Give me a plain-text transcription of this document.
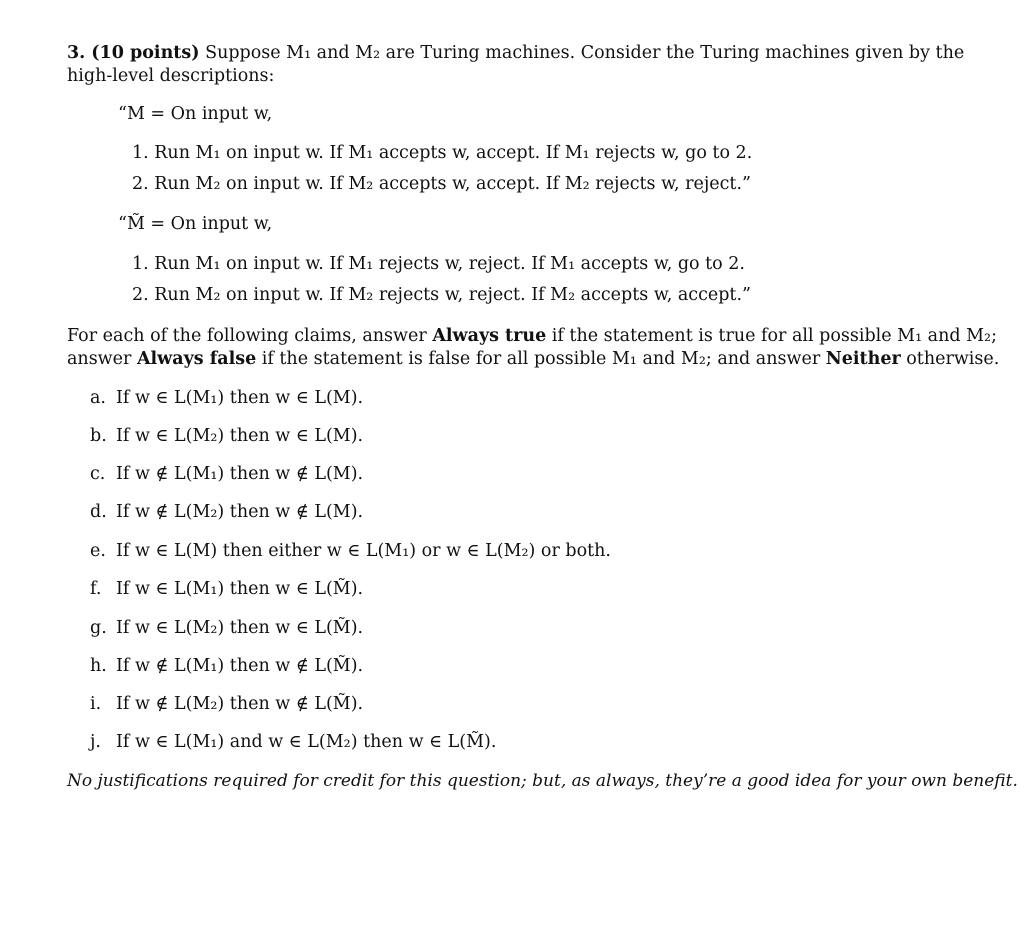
3. (10 points) Suppose M₁ and M₂ are Turing machines. Consider the Turing machines given by the
high-level descriptions:
“M = On input w,
1. Run M₁ on input w. If M₁ accepts w, accept. If M₁ rejects w, go to 2.
2. Run M₂ on input w. If M₂ accepts w, accept. If M₂ rejects w, reject.”
“M̃ = On input w,
1. Run M₁ on input w. If M₁ rejects w, reject. If M₁ accepts w, go to 2.
2. Run M₂ on input w. If M₂ rejects w, reject. If M₂ accepts w, accept.”
For each of the following claims, answer Always true if the statement is true for all possible M₁ and M₂;
answer Always false if the statement is false for all possible M₁ and M₂; and answer Neither otherwise.
a. If w ∈ L(M₁) then w ∈ L(M).
b. If w ∈ L(M₂) then w ∈ L(M).
c. If w ∉ L(M₁) then w ∉ L(M).
d. If w ∉ L(M₂) then w ∉ L(M).
e. If w ∈ L(M) then either w ∈ L(M₁) or w ∈ L(M₂) or both.
f. If w ∈ L(M₁) then w ∈ L(M̃).
g. If w ∈ L(M₂) then w ∈ L(M̃).
h. If w ∉ L(M₁) then w ∉ L(M̃).
i. If w ∉ L(M₂) then w ∉ L(M̃).
j. If w ∈ L(M₁) and w ∈ L(M₂) then w ∈ L(M̃).
No justifications required for credit for this question; but, as always, they’re a good idea for your own benefit.
